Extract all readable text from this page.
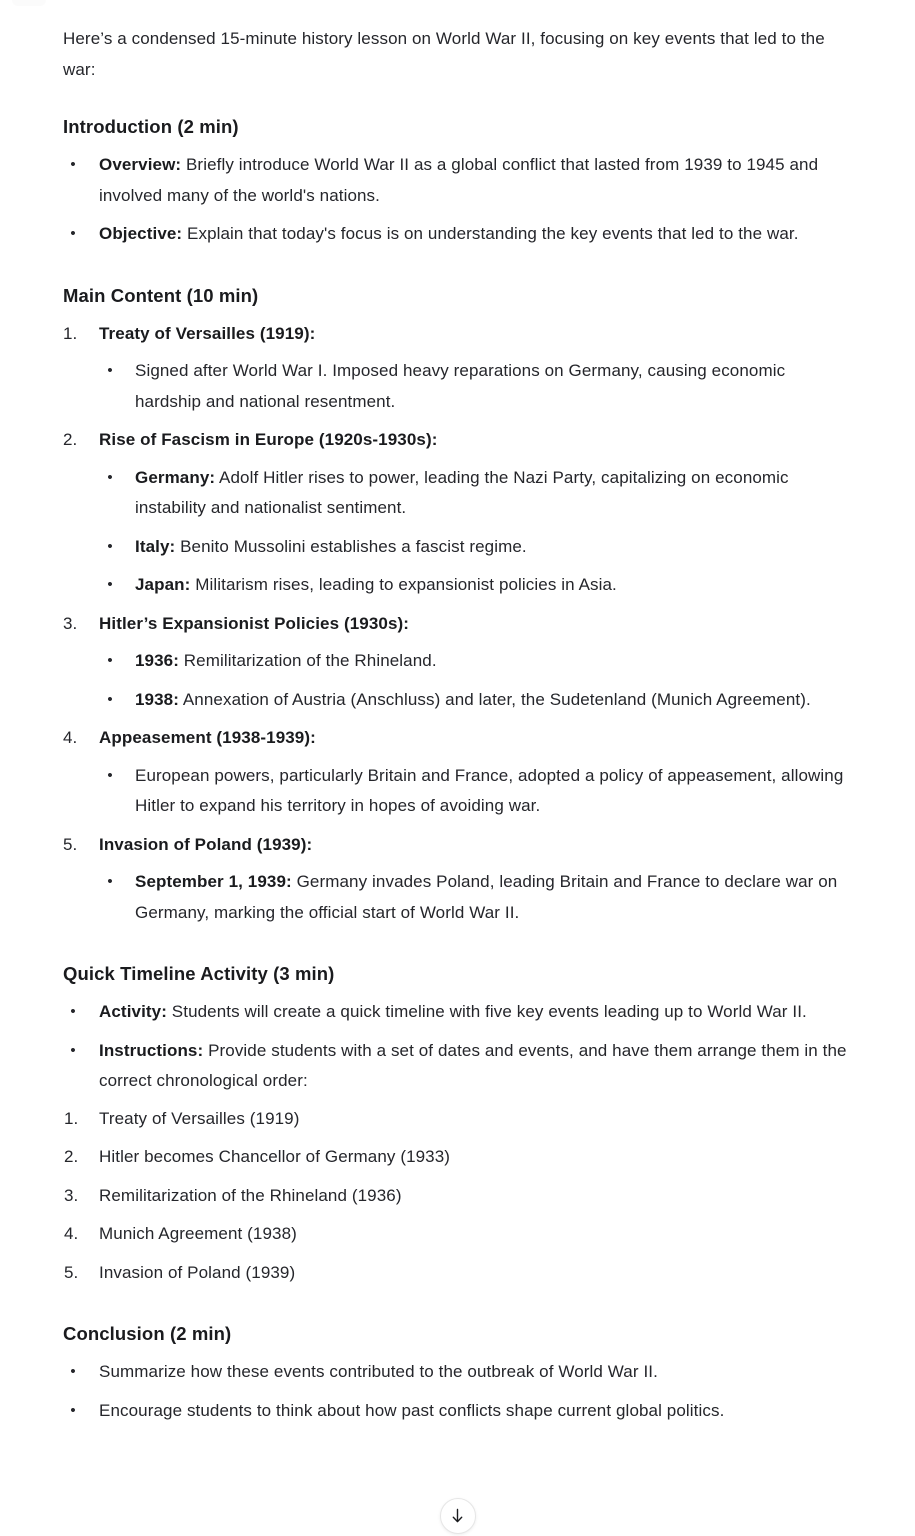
Here’s a condensed 15-minute history lesson on World War II, focusing on key events that led to the war:

Introduction (2 min)
• Overview: Briefly introduce World War II as a global conflict that lasted from 1939 to 1945 and involved many of the world's nations.
• Objective: Explain that today's focus is on understanding the key events that led to the war.
Main Content (10 min)
1.	Treaty of Versailles (1919):
• Signed after World War I. Imposed heavy reparations on Germany, causing economic hardship and national resentment.
2.	Rise of Fascism in Europe (1920s-1930s):
• Germany: Adolf Hitler rises to power, leading the Nazi Party, capitalizing on economic instability and nationalist sentiment.
• Italy: Benito Mussolini establishes a fascist regime.
• Japan: Militarism rises, leading to expansionist policies in Asia.
3.	Hitler’s Expansionist Policies (1930s):
• 1936: Remilitarization of the Rhineland.
• 1938: Annexation of Austria (Anschluss) and later, the Sudetenland (Munich Agreement).
4.	Appeasement (1938-1939):
• European powers, particularly Britain and France, adopted a policy of appeasement, allowing Hitler to expand his territory in hopes of avoiding war.
5.	Invasion of Poland (1939):
• September 1, 1939: Germany invades Poland, leading Britain and France to declare war on Germany, marking the official start of World War II.
Quick Timeline Activity (3 min)
• Activity: Students will create a quick timeline with five key events leading up to World War II.
• Instructions: Provide students with a set of dates and events, and have them arrange them in the correct chronological order:
1.	Treaty of Versailles (1919)
2.	Hitler becomes Chancellor of Germany (1933)
3.	Remilitarization of the Rhineland (1936)
4.	Munich Agreement (1938)
5.	Invasion of Poland (1939)
Conclusion (2 min)
• Summarize how these events contributed to the outbreak of World War II.
• Encourage students to think about how past conflicts shape current global politics.
